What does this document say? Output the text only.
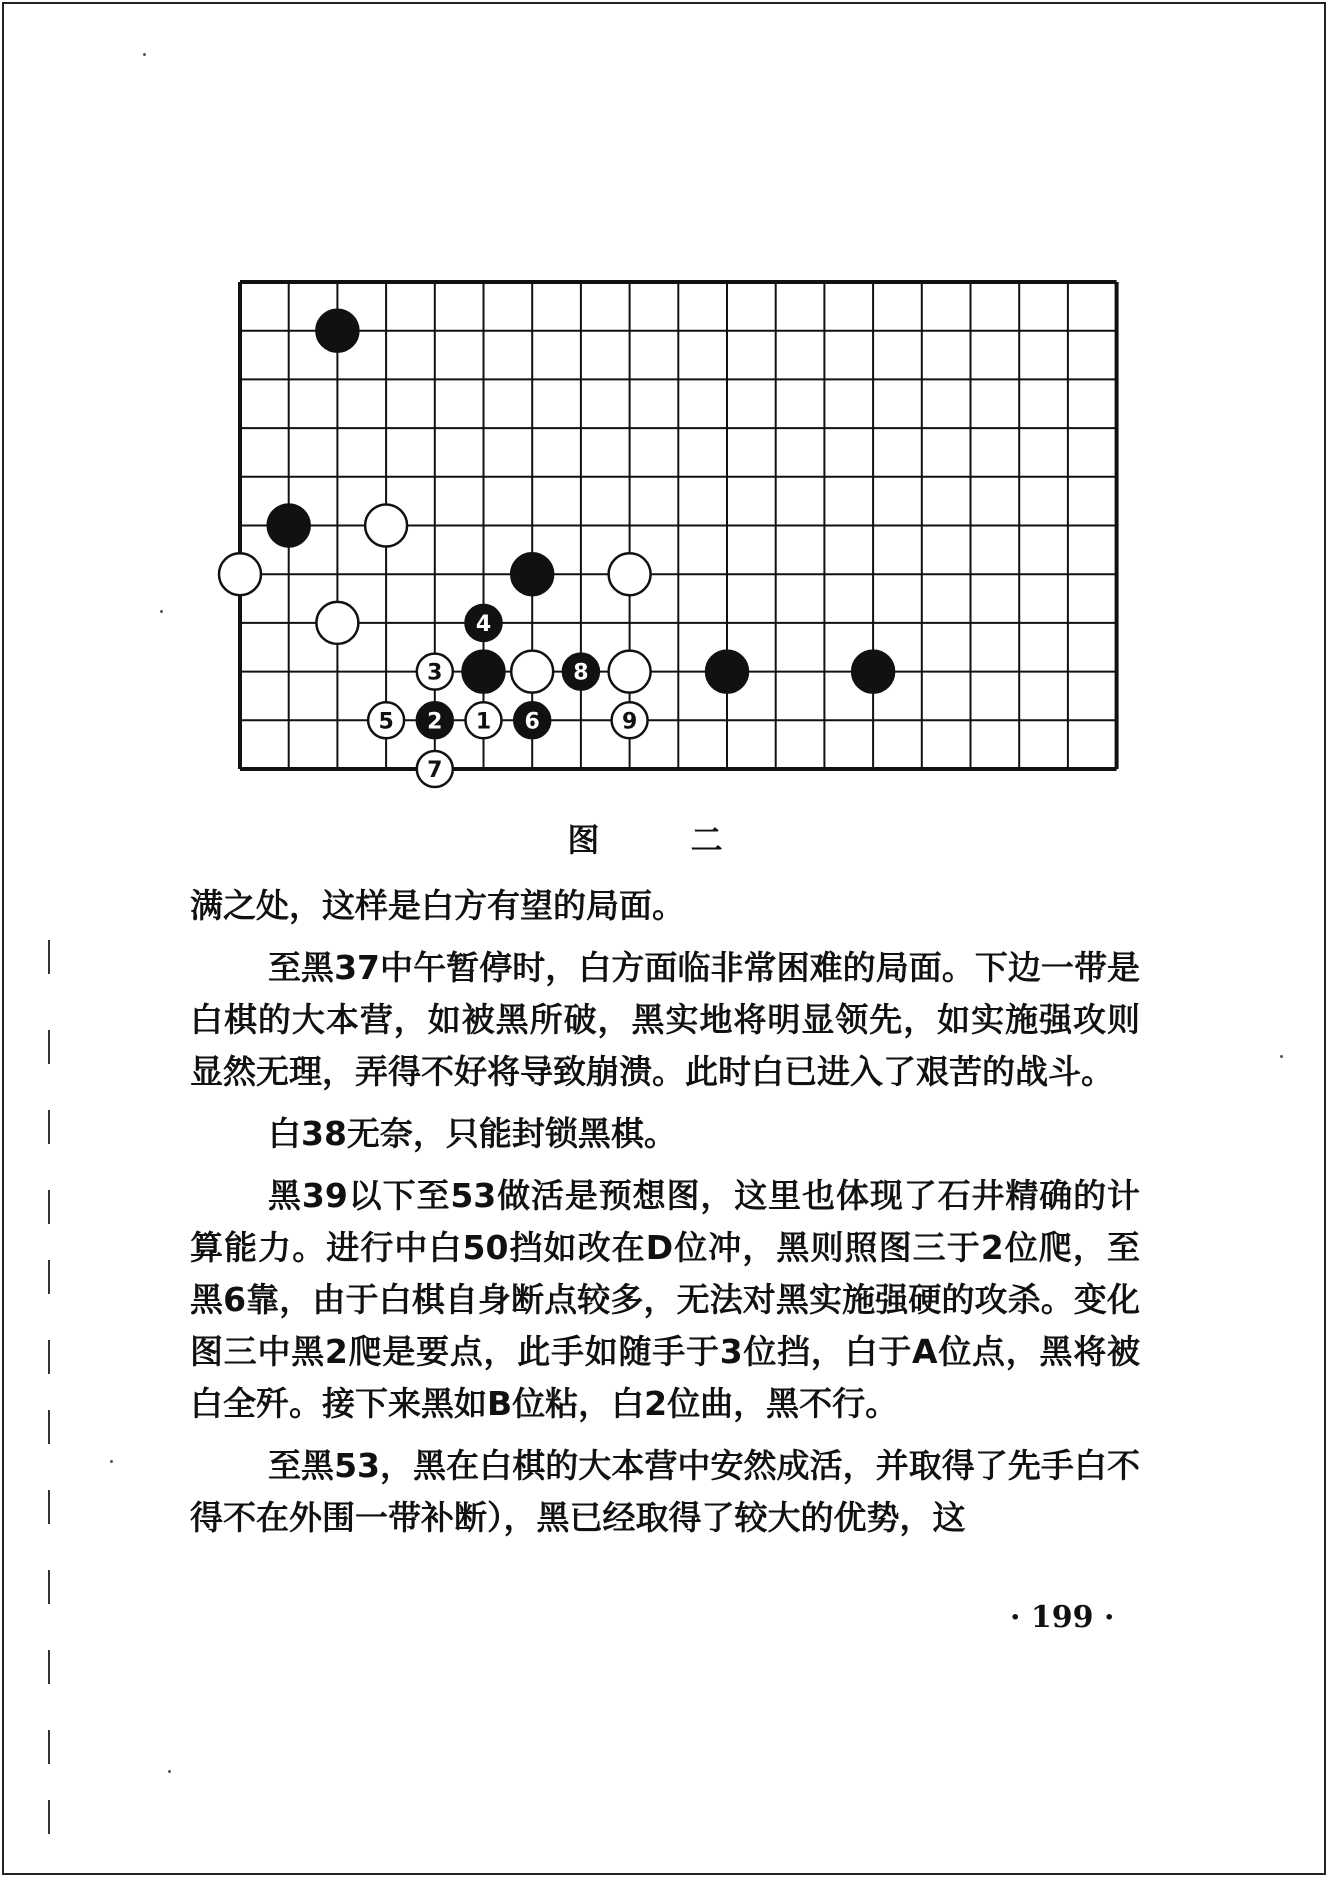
4
3	8
5 2 1 6	9
7
图 二

满之处，这样是白方有望的局面。

至黑37中午暂停时，白方面临非常困难的局面。下边一带是白棋的大本营，如被黑所破，黑实地将明显领先，如实施强攻则显然无理，弄得不好将导致崩溃。此时白已进入了艰苦的战斗。

白38无奈，只能封锁黑棋。

黑39以下至53做活是预想图，这里也体现了石井精确的计算能力。进行中白50挡如改在D位冲，黑则照图三于2位爬，至黑6靠，由于白棋自身断点较多，无法对黑实施强硬的攻杀。变化图三中黑2爬是要点，此手如随手于3位挡，白于A位点，黑将被白全歼。接下来黑如B位粘，白2位曲，黑不行。

至黑53，黑在白棋的大本营中安然成活，并取得了先手白不得不在外围一带补断），黑已经取得了较大的优势，这

· 199 ·
